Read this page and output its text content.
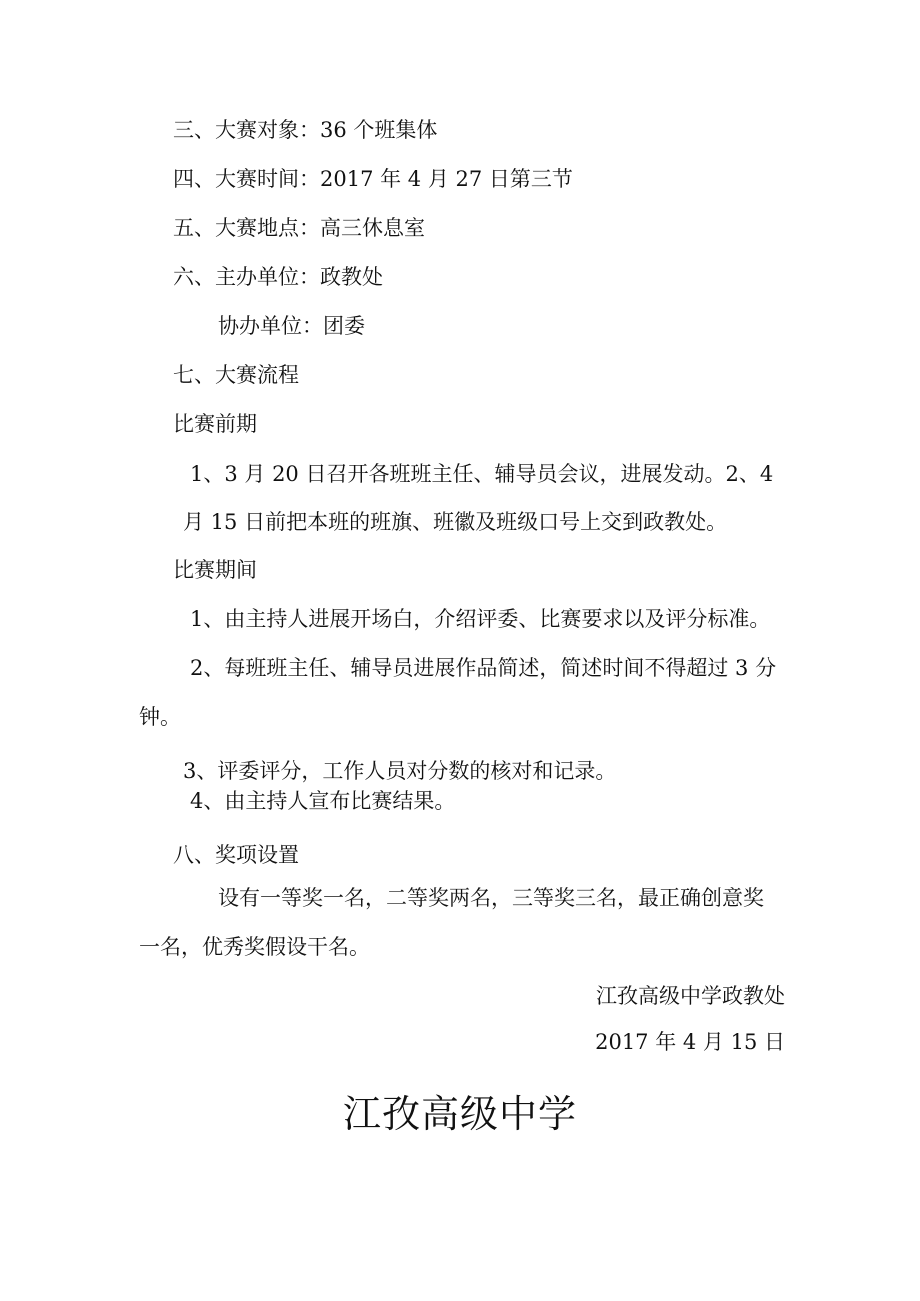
三、大赛对象：36 个班集体
四、大赛时间：2017 年 4 月 27 日第三节
五、大赛地点：高三休息室
六、主办单位：政教处
协办单位：团委
七、大赛流程
比赛前期
1、3 月 20 日召开各班班主任、辅导员会议，进展发动。2、4
月 15 日前把本班的班旗、班徽及班级口号上交到政教处。
比赛期间
1、由主持人进展开场白，介绍评委、比赛要求以及评分标准。
2、每班班主任、辅导员进展作品简述，简述时间不得超过 3 分
钟。
3、评委评分，工作人员对分数的核对和记录。
4、由主持人宣布比赛结果。
八、奖项设置
设有一等奖一名，二等奖两名，三等奖三名，最正确创意奖
一名，优秀奖假设干名。
江孜高级中学政教处
2017 年 4 月 15 日
江孜高级中学
